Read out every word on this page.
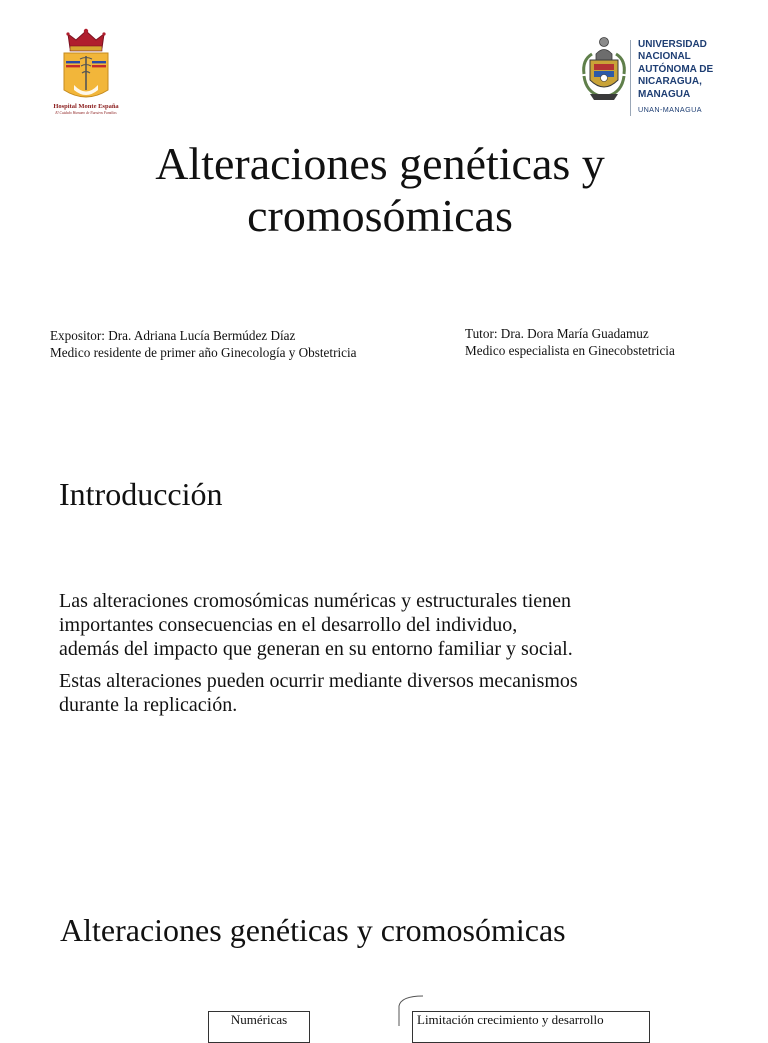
Hospital Monte España
El Cuidado Humano de Nuestros Familias
UNIVERSIDAD
NACIONAL
AUTÓNOMA DE
NICARAGUA,
MANAGUA
UNAN-MANAGUA
Alteraciones genéticas y
cromosómicas
Expositor: Dra. Adriana Lucía Bermúdez Díaz
Medico residente de primer año Ginecología y Obstetricia
Tutor: Dra. Dora María Guadamuz
Medico especialista en Ginecobstetricia
Introducción

Las alteraciones cromosómicas numéricas y estructurales tienen
importantes consecuencias en el desarrollo del individuo,
además del impacto que generan en su entorno familiar y social.

Estas alteraciones pueden ocurrir mediante diversos mecanismos
durante la replicación.

Alteraciones genéticas y cromosómicas
Numéricas	Limitación crecimiento y desarrollo
